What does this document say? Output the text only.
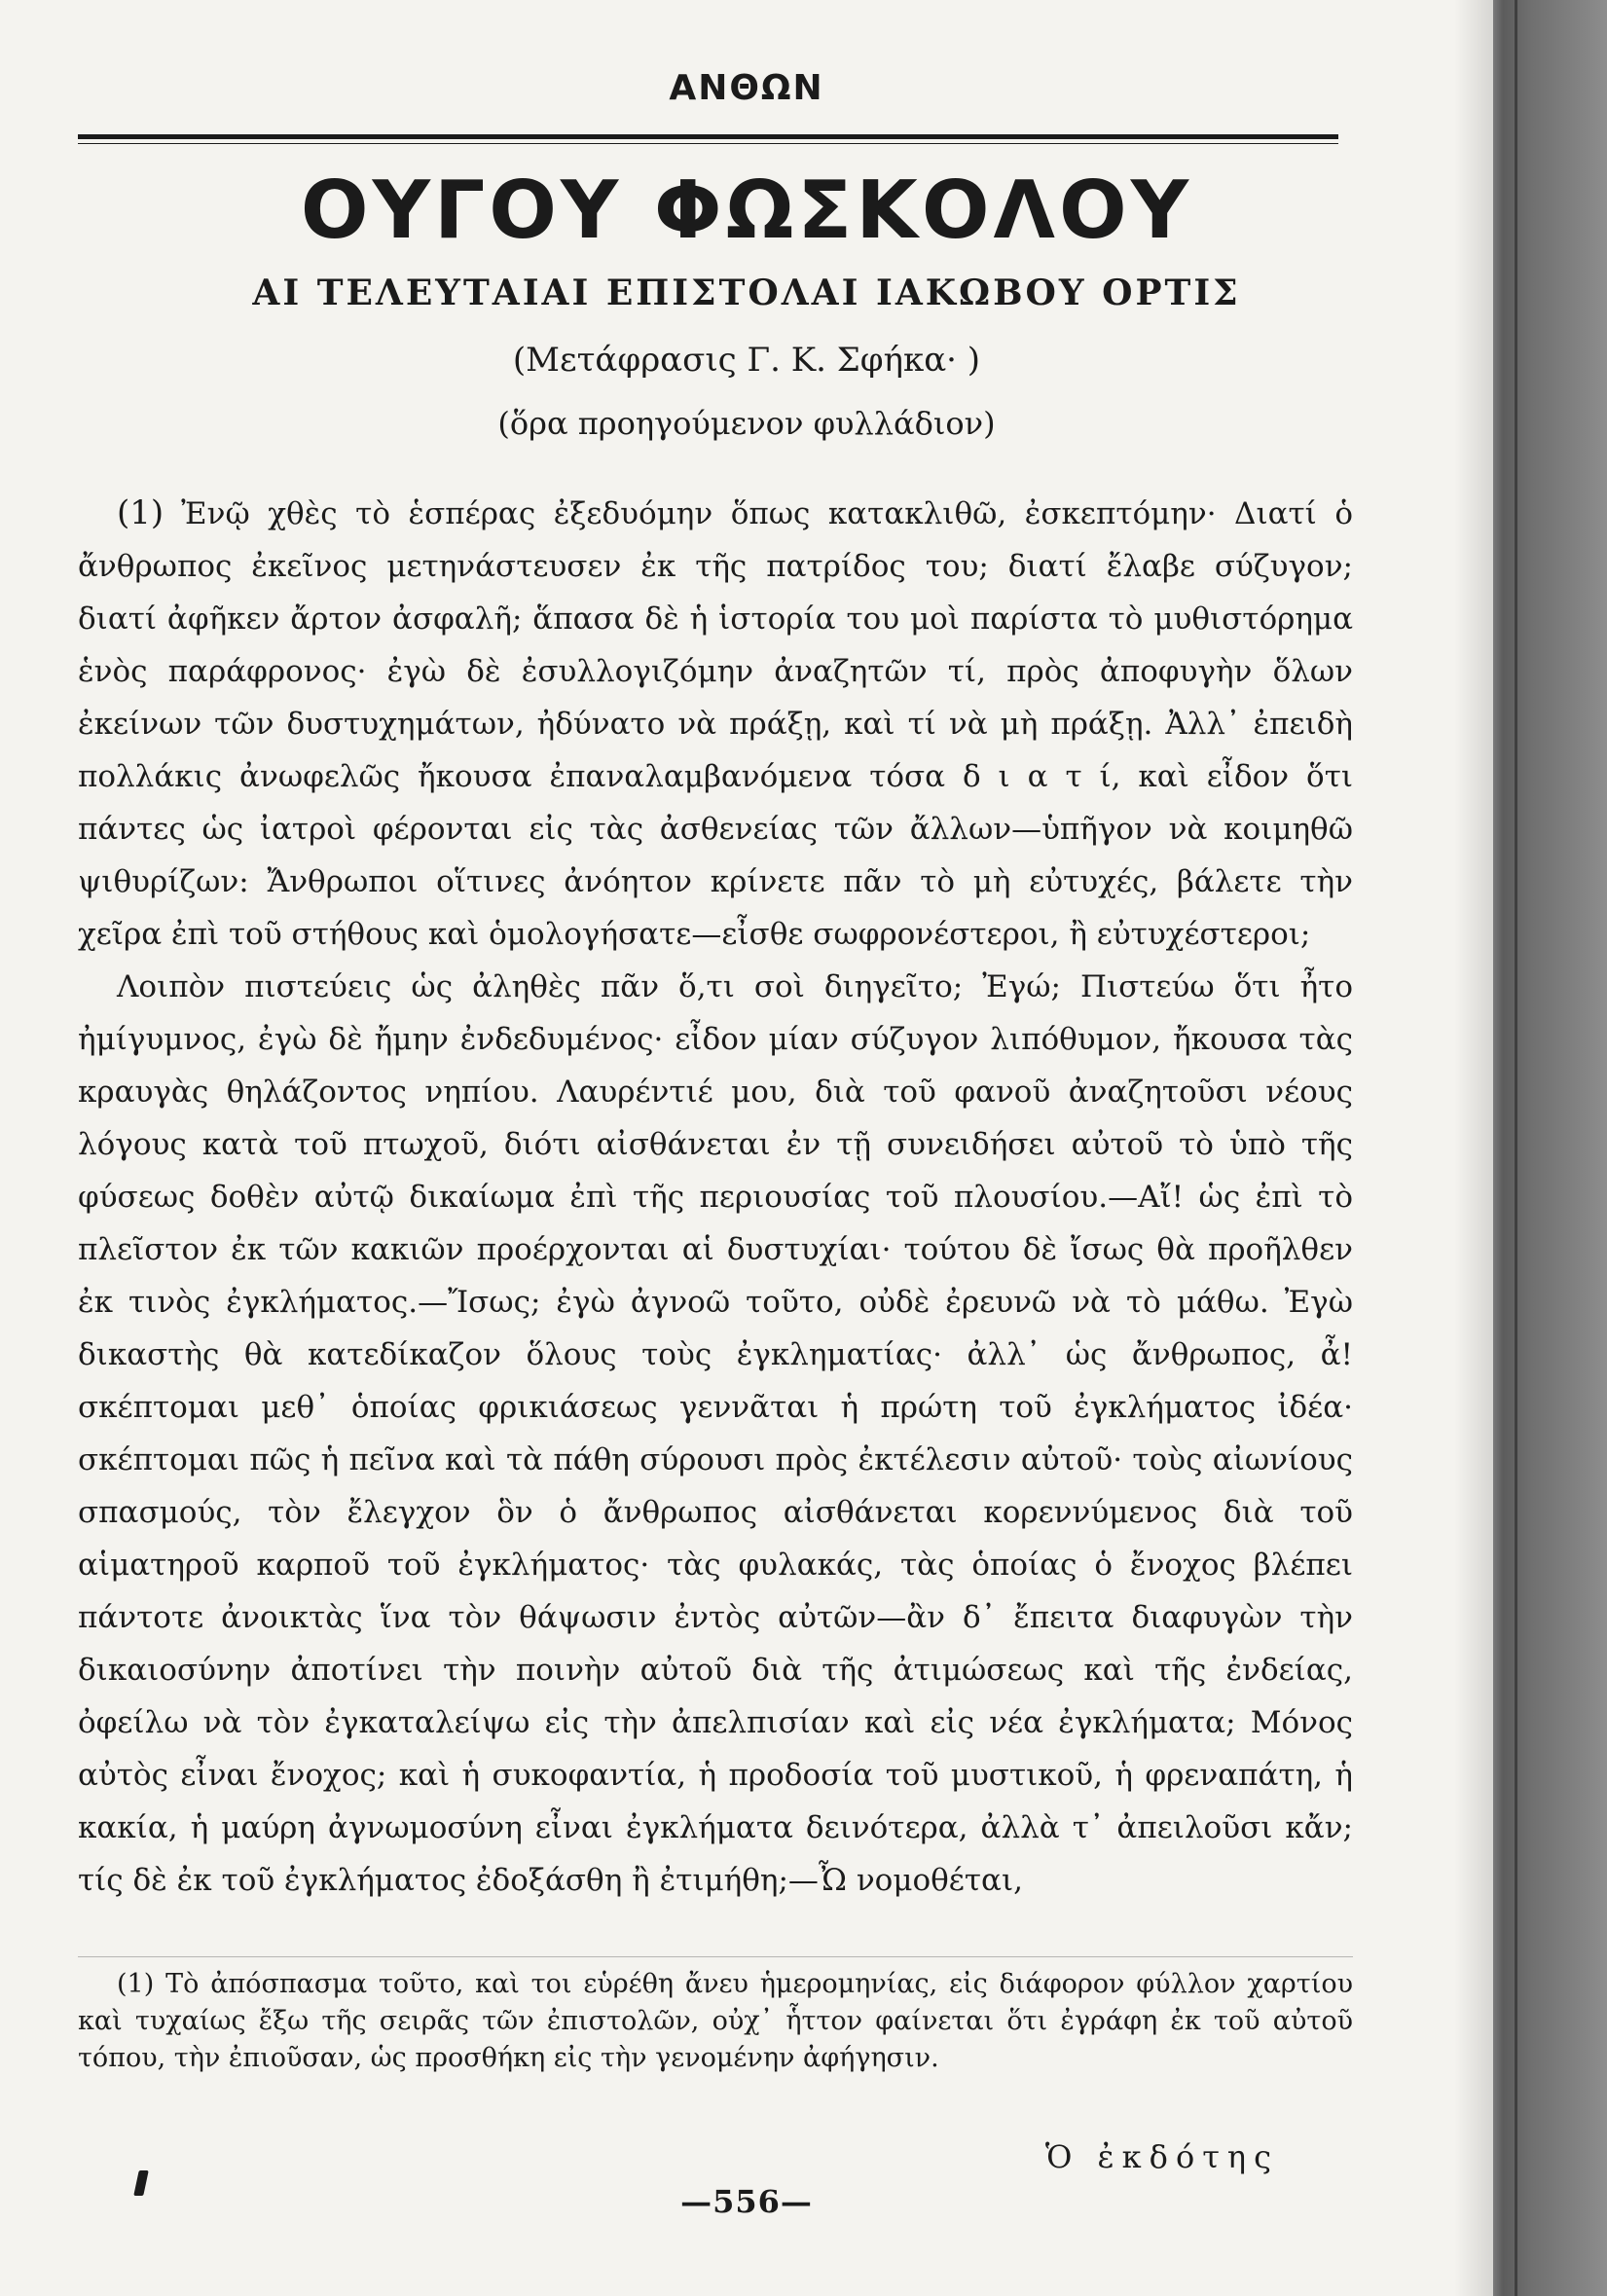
ΑΝΘΩΝ
ΟΥΓΟΥ ΦΩΣΚΟΛΟΥ
ΑΙ ΤΕΛΕΥΤΑΙΑΙ ΕΠΙΣΤΟΛΑΙ ΙΑΚΩΒΟΥ ΟΡΤΙΣ
(Μετάφρασις Γ. Κ. Σφήκα· )
(ὅρα προηγούμενον φυλλάδιον)

(1) Ἐνῷ χθὲς τὸ ἑσπέρας ἐξεδυόμην ὅπως κατακλιθῶ, ἐσκεπτόμην· Διατί ὁ ἄνθρωπος ἐκεῖνος μετηνάστευσεν ἐκ τῆς πατρίδος του; διατί ἔλαβε σύζυγον; διατί ἀφῆκεν ἄρτον ἀσφαλῆ; ἅπασα δὲ ἡ ἱστορία του μοὶ παρίστα τὸ μυθιστόρημα ἑνὸς παράφρονος· ἐγὼ δὲ ἐσυλλογιζόμην ἀναζητῶν τί, πρὸς ἀποφυγὴν ὅλων ἐκείνων τῶν δυστυχημάτων, ἠδύνατο νὰ πράξῃ, καὶ τί νὰ μὴ πράξῃ. Ἀλλ᾽ ἐπειδὴ πολλάκις ἀνωφελῶς ἤκουσα ἐπαναλαμβανόμενα τόσα δ ι α τ ί, καὶ εἶδον ὅτι πάντες ὡς ἰατροὶ φέρονται εἰς τὰς ἀσθενείας τῶν ἄλλων—ὑπῆγον νὰ κοιμηθῶ ψιθυρίζων: Ἄνθρωποι οἵτινες ἀνόητον κρίνετε πᾶν τὸ μὴ εὐτυχές, βάλετε τὴν χεῖρα ἐπὶ τοῦ στήθους καὶ ὁμολογήσατε—εἶσθε σωφρονέστεροι, ἢ εὐτυχέστεροι;

Λοιπὸν πιστεύεις ὡς ἀληθὲς πᾶν ὅ,τι σοὶ διηγεῖτο; Ἐγώ; Πιστεύω ὅτι ἦτο ἠμίγυμνος, ἐγὼ δὲ ἤμην ἐνδεδυμένος· εἶδον μίαν σύζυγον λιπόθυμον, ἤκουσα τὰς κραυγὰς θηλάζοντος νηπίου. Λαυρέντιέ μου, διὰ τοῦ φανοῦ ἀναζητοῦσι νέους λόγους κατὰ τοῦ πτωχοῦ, διότι αἰσθάνεται ἐν τῇ συνειδήσει αὐτοῦ τὸ ὑπὸ τῆς φύσεως δοθὲν αὐτῷ δικαίωμα ἐπὶ τῆς περιουσίας τοῦ πλουσίου.—Αἴ! ὡς ἐπὶ τὸ πλεῖστον ἐκ τῶν κακιῶν προέρχονται αἱ δυστυχίαι· τούτου δὲ ἴσως θὰ προῆλθεν ἐκ τινὸς ἐγκλήματος.—Ἴσως; ἐγὼ ἀγνοῶ τοῦτο, οὐδὲ ἐρευνῶ νὰ τὸ μάθω. Ἐγὼ δικαστὴς θὰ κατεδίκαζον ὅλους τοὺς ἐγκληματίας· ἀλλ᾽ ὡς ἄνθρωπος, ἆ! σκέπτομαι μεθ᾽ ὁποίας φρικιάσεως γεννᾶται ἡ πρώτη τοῦ ἐγκλήματος ἰδέα· σκέπτομαι πῶς ἡ πεῖνα καὶ τὰ πάθη σύρουσι πρὸς ἐκτέλεσιν αὐτοῦ· τοὺς αἰωνίους σπασμούς, τὸν ἔλεγχον ὃν ὁ ἄνθρωπος αἰσθάνεται κορεννύμενος διὰ τοῦ αἱματηροῦ καρποῦ τοῦ ἐγκλήματος· τὰς φυλακάς, τὰς ὁποίας ὁ ἔνοχος βλέπει πάντοτε ἀνοικτὰς ἵνα τὸν θάψωσιν ἐντὸς αὐτῶν—ἂν δ᾽ ἔπειτα διαφυγὼν τὴν δικαιοσύνην ἀποτίνει τὴν ποινὴν αὐτοῦ διὰ τῆς ἀτιμώσεως καὶ τῆς ἐνδείας, ὀφείλω νὰ τὸν ἐγκαταλείψω εἰς τὴν ἀπελπισίαν καὶ εἰς νέα ἐγκλήματα; Μόνος αὐτὸς εἶναι ἔνοχος; καὶ ἡ συκοφαντία, ἡ προδοσία τοῦ μυστικοῦ, ἡ φρεναπάτη, ἡ κακία, ἡ μαύρη ἀγνωμοσύνη εἶναι ἐγκλήματα δεινότερα, ἀλλὰ τ᾽ ἀπειλοῦσι κἄν; τίς δὲ ἐκ τοῦ ἐγκλήματος ἐδοξάσθη ἢ ἐτιμήθη;—Ὦ νομοθέται,

(1) Τὸ ἀπόσπασμα τοῦτο, καὶ τοι εὑρέθη ἄνευ ἡμερομηνίας, εἰς διάφορον φύλλον χαρτίου καὶ τυχαίως ἔξω τῆς σειρᾶς τῶν ἐπιστολῶν, οὐχ᾽ ἧττον φαίνεται ὅτι ἐγράφη ἐκ τοῦ αὐτοῦ τόπου, τὴν ἐπιοῦσαν, ὡς προσθήκη εἰς τὴν γενομένην ἀφήγησιν.

Ὁ ἐκδότης
—556—
